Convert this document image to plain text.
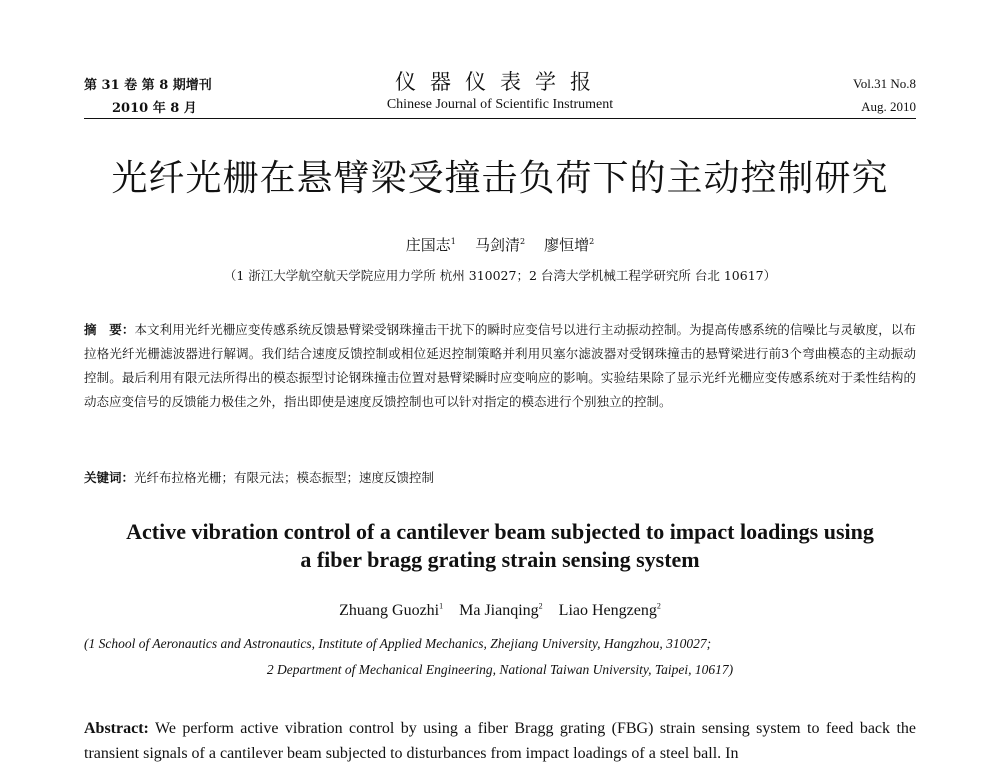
第 31 卷 第 8 期增刊
2010 年 8 月
仪器仪表学报
Chinese Journal of Scientific Instrument
Vol.31 No.8
Aug. 2010
光纤光栅在悬臂梁受撞击负荷下的主动控制研究
庄国志$^1$ 马剑清$^2$ 廖恒增$^2$
（1 浙江大学航空航天学院应用力学所 杭州 310027；2 台湾大学机械工程学研究所 台北 10617）
摘　要：本文利用光纤光栅应变传感系统反馈悬臂梁受钢珠撞击干扰下的瞬时应变信号以进行主动振动控制。为提高传感系统的信噪比与灵敏度，以布拉格光纤光栅滤波器进行解调。我们结合速度反馈控制或相位延迟控制策略并利用贝塞尔滤波器对受钢珠撞击的悬臂梁进行前3个弯曲模态的主动振动控制。最后利用有限元法所得出的模态振型讨论钢珠撞击位置对悬臂梁瞬时应变响应的影响。实验结果除了显示光纤光栅应变传感系统对于柔性结构的动态应变信号的反馈能力极佳之外，指出即使是速度反馈控制也可以针对指定的模态进行个别独立的控制。
关键词：光纤布拉格光栅；有限元法；模态振型；速度反馈控制
Active vibration control of a cantilever beam subjected to impact loadings using
a fiber bragg grating strain sensing system
Zhuang Guozhi$^1$ Ma Jianqing$^2$ Liao Hengzeng$^2$
(1 School of Aeronautics and Astronautics, Institute of Applied Mechanics, Zhejiang University, Hangzhou, 310027;
2 Department of Mechanical Engineering, National Taiwan University, Taipei, 10617)
Abstract: We perform active vibration control by using a fiber Bragg grating (FBG) strain sensing system to feed back the transient signals of a cantilever beam subjected to disturbances from impact loadings of a steel ball. In
